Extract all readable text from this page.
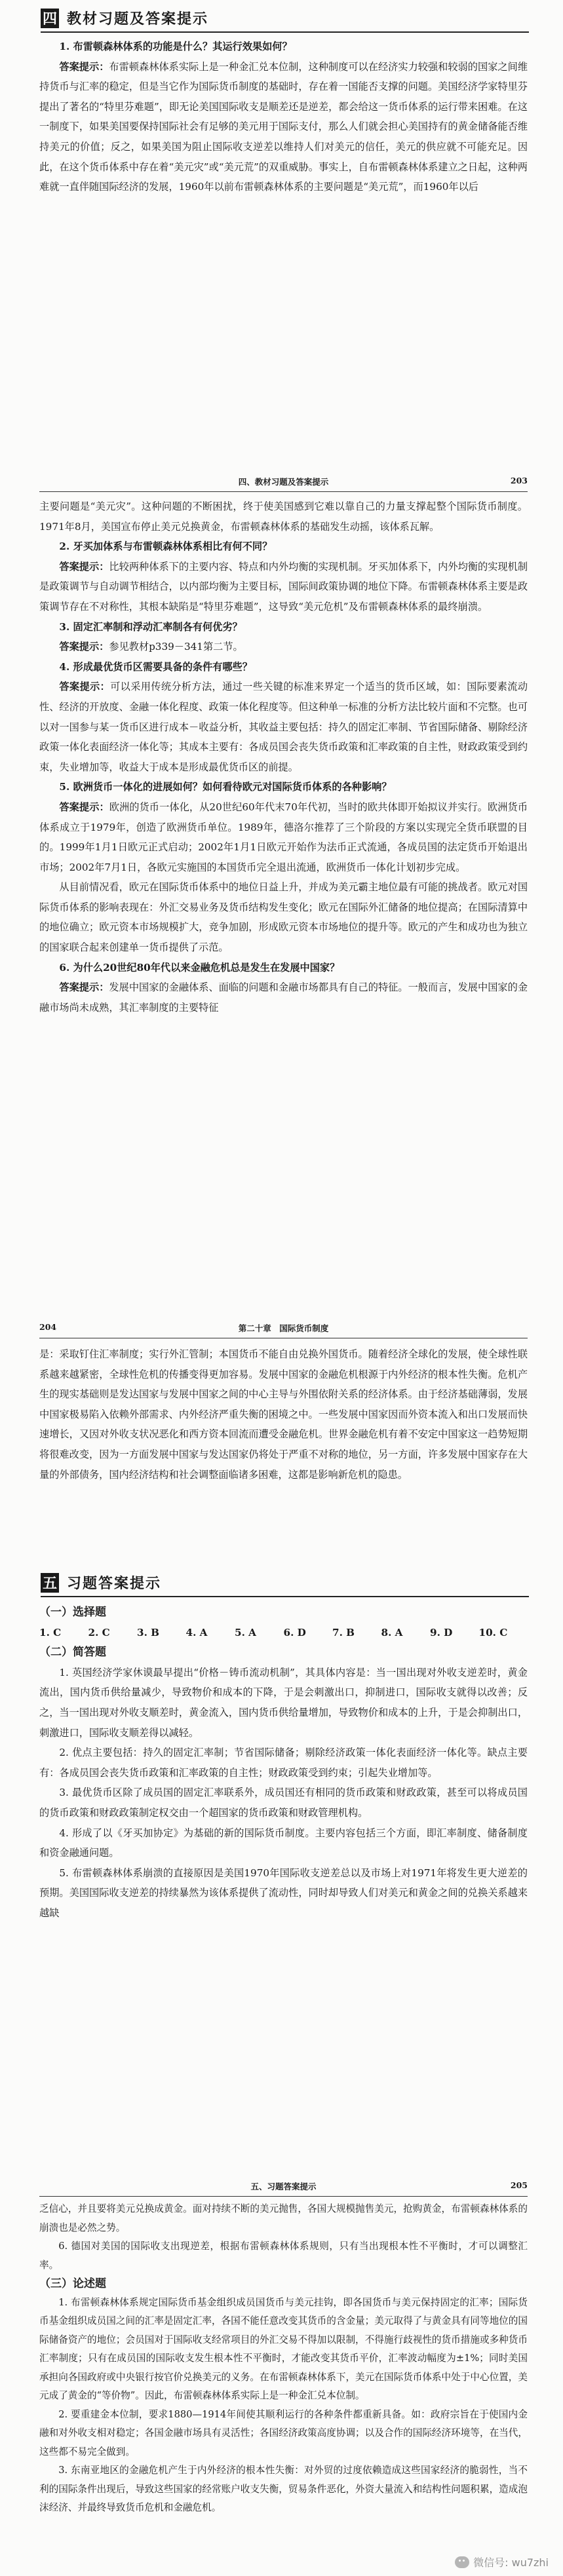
四 教材习题及答案提示

1. 布雷顿森林体系的功能是什么？其运行效果如何？

答案提示：布雷顿森林体系实际上是一种金汇兑本位制，这种制度可以在经济实力较强和较弱的国家之间维持货币与汇率的稳定，但是当它作为国际货币制度的基础时，存在着一国能否支撑的问题。美国经济学家特里芬提出了著名的“特里芬难题”，即无论美国国际收支是顺差还是逆差，都会给这一货币体系的运行带来困难。在这一制度下，如果美国要保持国际社会有足够的美元用于国际支付，那么人们就会担心美国持有的黄金储备能否维持美元的价值；反之，如果美国为阻止国际收支逆差以维持人们对美元的信任，美元的供应就不可能充足。因此，在这个货币体系中存在着“美元灾”或“美元荒”的双重威胁。事实上，自布雷顿森林体系建立之日起，这种两难就一直伴随国际经济的发展，1960年以前布雷顿森林体系的主要问题是“美元荒”，而1960年以后

四、教材习题及答案提示	203

主要问题是“美元灾”。这种问题的不断困扰，终于使美国感到它难以靠自己的力量支撑起整个国际货币制度。1971年8月，美国宣布停止美元兑换黄金，布雷顿森林体系的基础发生动摇，该体系瓦解。

2. 牙买加体系与布雷顿森林体系相比有何不同？

答案提示：比较两种体系下的主要内容、特点和内外均衡的实现机制。牙买加体系下，内外均衡的实现机制是政策调节与自动调节相结合，以内部均衡为主要目标，国际间政策协调的地位下降。布雷顿森林体系主要是政策调节存在不对称性，其根本缺陷是“特里芬难题”，这导致“美元危机”及布雷顿森林体系的最终崩溃。

3. 固定汇率制和浮动汇率制各有何优劣？

答案提示：参见教材p339－341第二节。

4. 形成最优货币区需要具备的条件有哪些？

答案提示：可以采用传统分析方法，通过一些关键的标准来界定一个适当的货币区域，如：国际要素流动性、经济的开放度、金融一体化程度、政策一体化程度等。但这种单一标准的分析方法比较片面和不完整。也可以对一国参与某一货币区进行成本－收益分析，其收益主要包括：持久的固定汇率制、节省国际储备、剔除经济政策一体化表面经济一体化等；其成本主要有：各成员国会丧失货币政策和汇率政策的自主性，财政政策受到约束，失业增加等，收益大于成本是形成最优货币区的前提。

5. 欧洲货币一体化的进展如何？如何看待欧元对国际货币体系的各种影响？

答案提示：欧洲的货币一体化，从20世纪60年代末70年代初，当时的欧共体即开始拟议并实行。欧洲货币体系成立于1979年，创造了欧洲货币单位。1989年，德洛尔推荐了三个阶段的方案以实现完全货币联盟的目的。1999年1月1日欧元正式启动；2002年1月1日欧元开始作为法币正式流通，各成员国的法定货币开始退出市场；2002年7月1日，各欧元实施国的本国货币完全退出流通，欧洲货币一体化计划初步完成。

从目前情况看，欧元在国际货币体系中的地位日益上升，并成为美元霸主地位最有可能的挑战者。欧元对国际货币体系的影响表现在：外汇交易业务及货币结构发生变化；欧元在国际外汇储备的地位提高；在国际清算中的地位确立；欧元资本市场规模扩大，竞争加剧，形成欧元资本市场地位的提升等。欧元的产生和成功也为独立的国家联合起来创建单一货币提供了示范。

6. 为什么20世纪80年代以来金融危机总是发生在发展中国家？

答案提示：发展中国家的金融体系、面临的问题和金融市场都具有自己的特征。一般而言，发展中国家的金融市场尚未成熟，其汇率制度的主要特征

204	第二十章　国际货币制度

是：采取钉住汇率制度；实行外汇管制；本国货币不能自由兑换外国货币。随着经济全球化的发展，使全球性联系越来越紧密，全球性危机的传播变得更加容易。发展中国家的金融危机根源于内外经济的根本性失衡。危机产生的现实基础则是发达国家与发展中国家之间的中心主导与外围依附关系的经济体系。由于经济基础薄弱，发展中国家极易陷入依赖外部需求、内外经济严重失衡的困境之中。一些发展中国家因而外资本流入和出口发展而快速增长，又因对外收支状况恶化和西方资本回流而遭受金融危机。世界金融危机有着不安定中国家这一趋势短期将很难改变，因为一方面发展中国家与发达国家仍将处于严重不对称的地位，另一方面，许多发展中国家存在大量的外部债务，国内经济结构和社会调整面临诸多困难，这都是影响新危机的隐患。

五 习题答案提示

（一）选择题

1. C	2. C	3. B	4. A	5. A	6. D	7. B	8. A	9. D	10. C

（二）简答题

1. 英国经济学家休谟最早提出“价格－铸币流动机制”，其具体内容是：当一国出现对外收支逆差时，黄金流出，国内货币供给量减少，导致物价和成本的下降，于是会刺激出口，抑制进口，国际收支就得以改善；反之，当一国出现对外收支顺差时，黄金流入，国内货币供给量增加，导致物价和成本的上升，于是会抑制出口，刺激进口，国际收支顺差得以减轻。

2. 优点主要包括：持久的固定汇率制；节省国际储备；剔除经济政策一体化表面经济一体化等。缺点主要有：各成员国会丧失货币政策和汇率政策的自主性；财政政策受到约束；引起失业增加等。

3. 最优货币区除了成员国的固定汇率联系外，成员国还有相同的货币政策和财政政策，甚至可以将成员国的货币政策和财政政策制定权交由一个超国家的货币政策和财政管理机构。

4. 形成了以《牙买加协定》为基础的新的国际货币制度。主要内容包括三个方面，即汇率制度、储备制度和资金融通问题。

5. 布雷顿森林体系崩溃的直接原因是美国1970年国际收支逆差总以及市场上对1971年将发生更大逆差的预期。美国国际收支逆差的持续暴然为该体系提供了流动性，同时却导致人们对美元和黄金之间的兑换关系越来越缺

五、习题答案提示	205

乏信心，并且要将美元兑换成黄金。面对持续不断的美元抛售，各国大规模抛售美元，抢购黄金，布雷顿森林体系的崩溃也是必然之势。

6. 德国对美国的国际收支出现逆差，根据布雷顿森林体系规则，只有当出现根本性不平衡时，才可以调整汇率。

（三）论述题

1. 布雷顿森林体系规定国际货币基金组织成员国货币与美元挂钩，即各国货币与美元保持固定的汇率；国际货币基金组织成员国之间的汇率是固定汇率，各国不能任意改变其货币的含金量；美元取得了与黄金具有同等地位的国际储备资产的地位；会员国对于国际收支经常项目的外汇交易不得加以限制，不得施行歧视性的货币措施或多种货币汇率制度；只有在成员国的国际收支发生根本性不平衡时，才能改变其货币平价，汇率波动幅度为±1%；同时美国承担向各国政府或中央银行按官价兑换美元的义务。在布雷顿森林体系下，美元在国际货币体系中处于中心位置，美元成了黄金的“等价物”。因此，布雷顿森林体系实际上是一种金汇兑本位制。

2. 要重建金本位制，要求1880—1914年间使其顺利运行的各种条件都重新具备。如：政府宗旨在于使国内金融和对外收支相对稳定；各国金融市场具有灵活性；各国经济政策高度协调；以及合作的国际经济环境等，在当代，这些都不易完全做到。

3. 东南亚地区的金融危机产生于内外经济的根本性失衡：对外贸的过度依赖造成这些国家经济的脆弱性，当不利的国际条件出现后，导致这些国家的经常账户收支失衡，贸易条件恶化，外资大量流入和结构性问题积累，造成泡沫经济、并最终导致货币危机和金融危机。

微信号: wu7zhi
